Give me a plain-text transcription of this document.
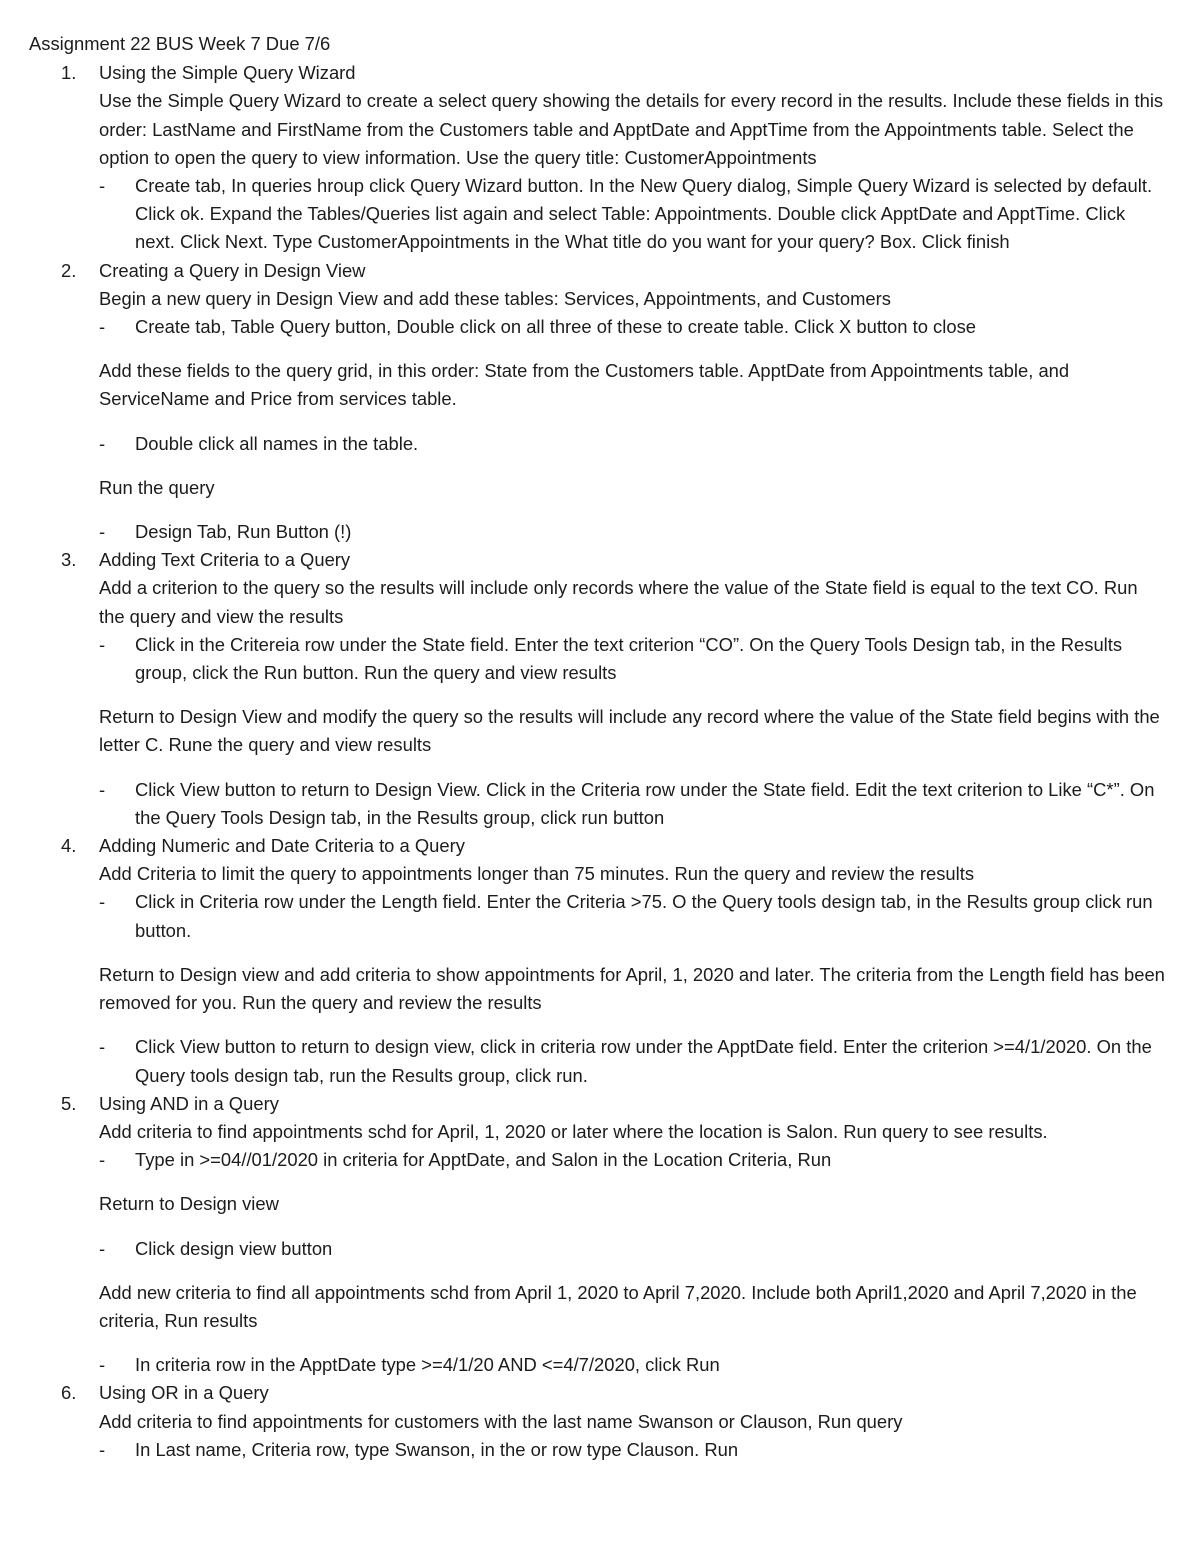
Assignment 22 BUS Week 7 Due 7/6
1. Using the Simple Query Wizard
Use the Simple Query Wizard to create a select query showing the details for every record in the results. Include these fields in this order: LastName and FirstName from the Customers table and ApptDate and ApptTime from the Appointments table. Select the option to open the query to view information. Use the query title: CustomerAppointments
- Create tab, In queries hroup click Query Wizard button. In the New Query dialog, Simple Query Wizard is selected by default. Click ok. Expand the Tables/Queries list again and select Table: Appointments. Double click ApptDate and ApptTime. Click next. Click Next. Type CustomerAppointments in the What title do you want for your query? Box. Click finish
2. Creating a Query in Design View
Begin a new query in Design View and add these tables: Services, Appointments, and Customers
- Create tab, Table Query button, Double click on all three of these to create table. Click X button to close
Add these fields to the query grid, in this order: State from the Customers table. ApptDate from Appointments table, and ServiceName and Price from services table.
- Double click all names in the table.
Run the query
- Design Tab, Run Button (!)
3. Adding Text Criteria to a Query
Add a criterion to the query so the results will include only records where the value of the State field is equal to the text CO. Run the query and view the results
- Click in the Critereia row under the State field. Enter the text criterion “CO”. On the Query Tools Design tab, in the Results group, click the Run button. Run the query and view results
Return to Design View and modify the query so the results will include any record where the value of the State field begins with the letter C. Rune the query and view results
- Click View button to return to Design View. Click in the Criteria row under the State field. Edit the text criterion to Like “C*”. On the Query Tools Design tab, in the Results group, click run button
4. Adding Numeric and Date Criteria to a Query
Add Criteria to limit the query to appointments longer than 75 minutes. Run the query and review the results
- Click in Criteria row under the Length field. Enter the Criteria >75. O the Query tools design tab, in the Results group click run button.
Return to Design view and add criteria to show appointments for April, 1, 2020 and later. The criteria from the Length field has been removed for you. Run the query and review the results
- Click View button to return to design view, click in criteria row under the ApptDate field. Enter the criterion >=4/1/2020. On the Query tools design tab, run the Results group, click run.
5. Using AND in a Query
Add criteria to find appointments schd for April, 1, 2020 or later where the location is Salon. Run query to see results.
- Type in >=04//01/2020 in criteria for ApptDate, and Salon in the Location Criteria, Run
Return to Design view
- Click design view button
Add new criteria to find all appointments schd from April 1, 2020 to April 7,2020. Include both April1,2020 and April 7,2020 in the criteria, Run results
- In criteria row in the ApptDate type >=4/1/20 AND <=4/7/2020, click Run
6. Using OR in a Query
Add criteria to find appointments for customers with the last name Swanson or Clauson, Run query
- In Last name, Criteria row, type Swanson, in the or row type Clauson. Run
